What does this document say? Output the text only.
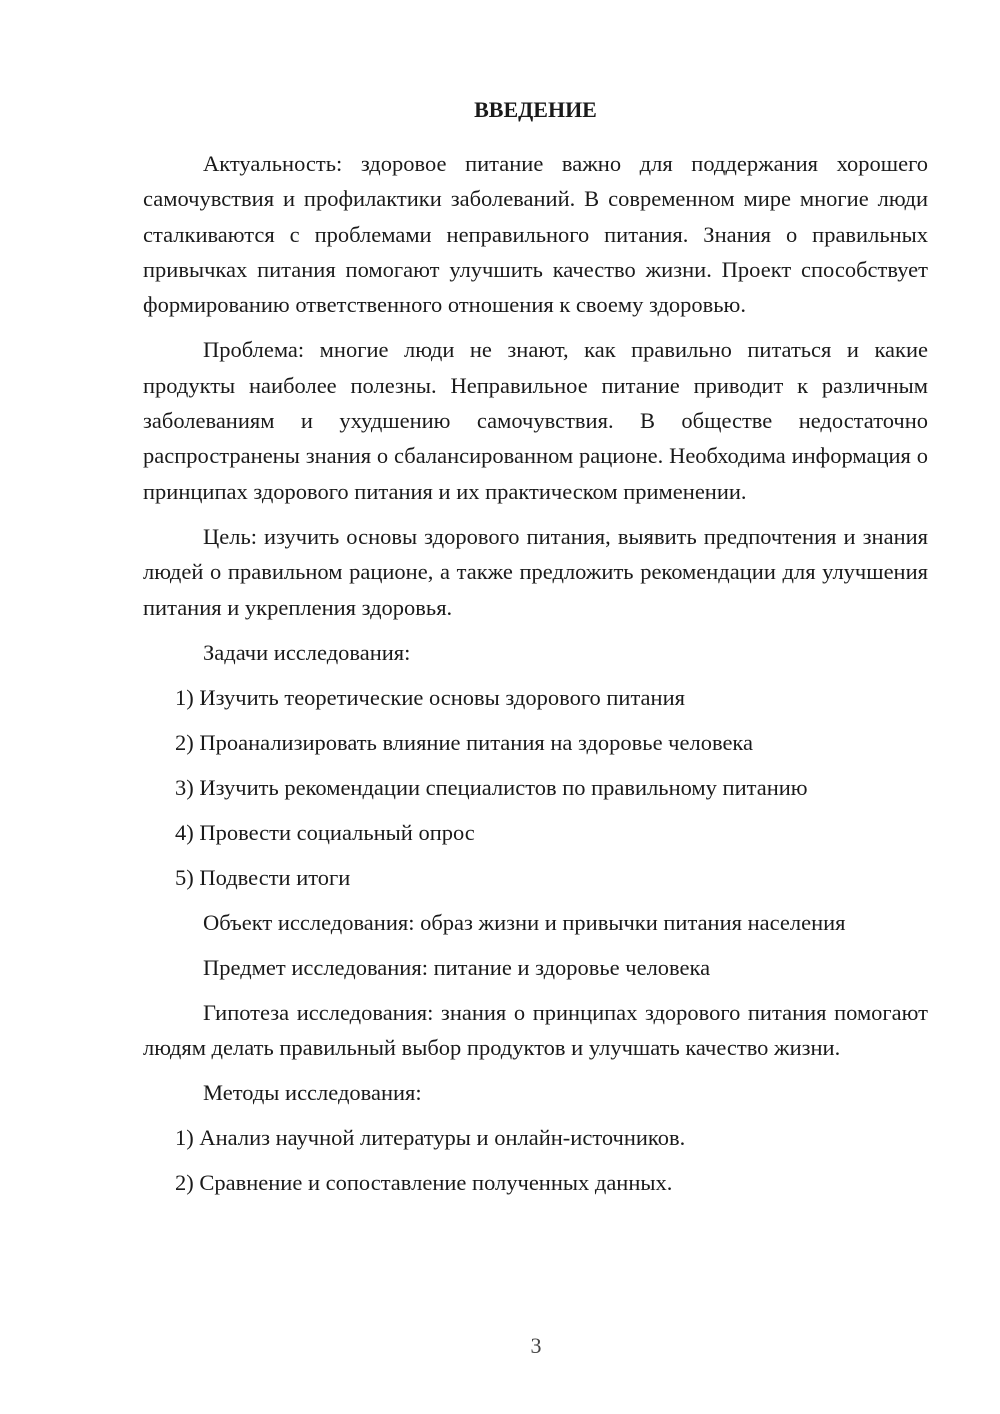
ВВЕДЕНИЕ

Актуальность: здоровое питание важно для поддержания хорошего самочувствия и профилактики заболеваний. В современном мире многие люди сталкиваются с проблемами неправильного питания. Знания о правильных привычках питания помогают улучшить качество жизни. Проект способствует формированию ответственного отношения к своему здоровью.

Проблема: многие люди не знают, как правильно питаться и какие продукты наиболее полезны. Неправильное питание приводит к различным заболеваниям и ухудшению самочувствия. В обществе недостаточно распространены знания о сбалансированном рационе. Необходима информация о принципах здорового питания и их практическом применении.

Цель: изучить основы здорового питания, выявить предпочтения и знания людей о правильном рационе, а также предложить рекомендации для улучшения питания и укрепления здоровья.

Задачи исследования:
1) Изучить теоретические основы здорового питания
2) Проанализировать влияние питания на здоровье человека
3) Изучить рекомендации специалистов по правильному питанию
4) Провести социальный опрос
5) Подвести итоги
Объект исследования: образ жизни и привычки питания населения
Предмет исследования: питание и здоровье человека

Гипотеза исследования: знания о принципах здорового питания помогают людям делать правильный выбор продуктов и улучшать качество жизни.

Методы исследования:
1) Анализ научной литературы и онлайн-источников.
2) Сравнение и сопоставление полученных данных.
3
